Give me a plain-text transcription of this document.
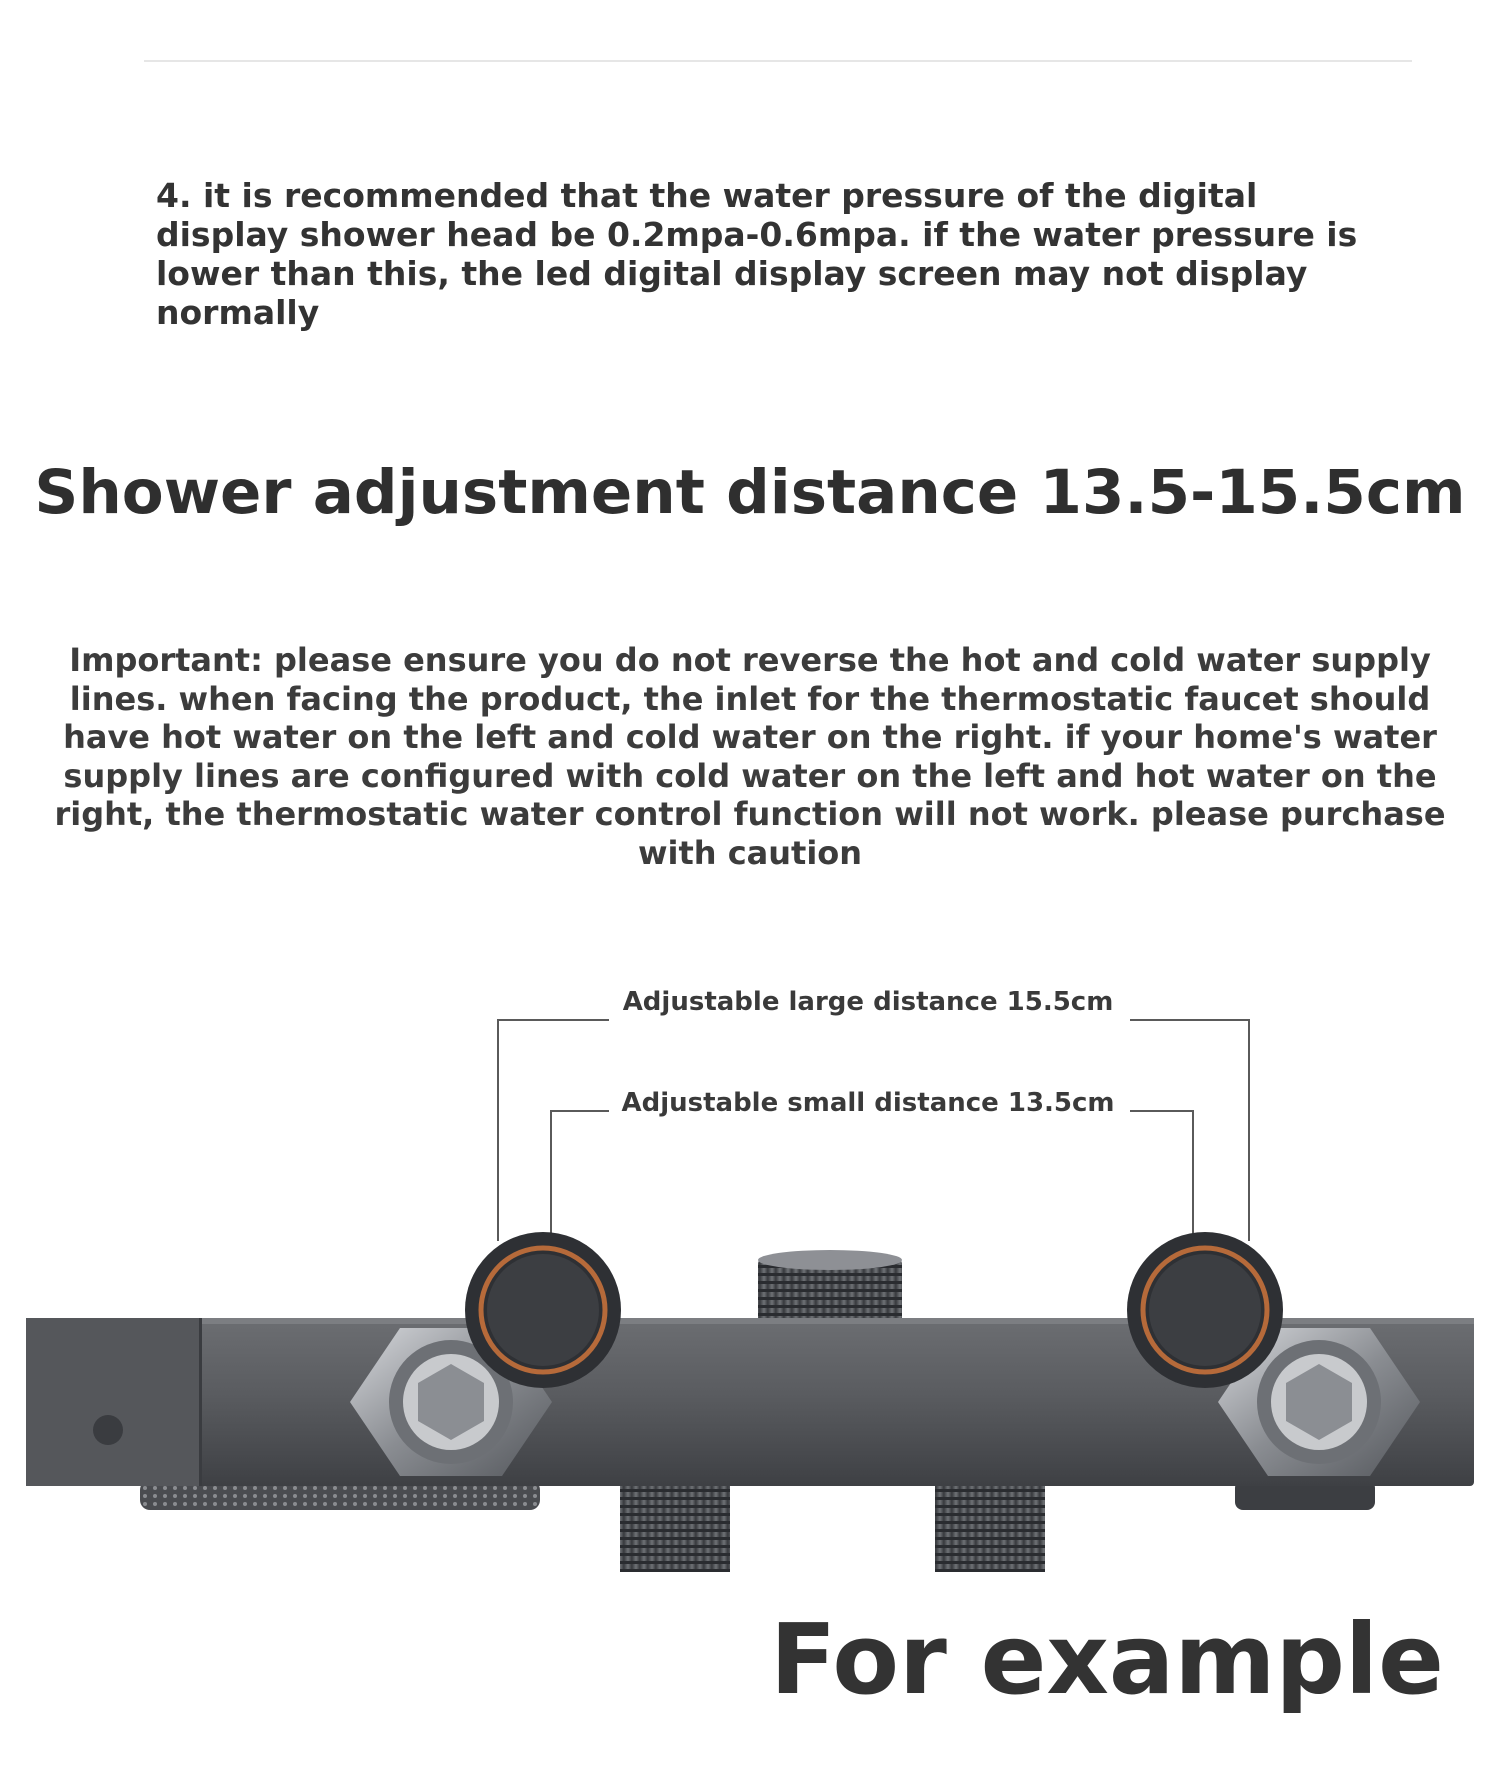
4. it is recommended that the water pressure of the digital display shower head be 0.2mpa-0.6mpa. if the water pressure is lower than this, the led digital display screen may not display normally

Shower adjustment distance 13.5-15.5cm

Important: please ensure you do not reverse the hot and cold water supply lines. when facing the product, the inlet for the thermostatic faucet should have hot water on the left and cold water on the right. if your home's water supply lines are configured with cold water on the left and hot water on the right, the thermostatic water control function will not work. please purchase with caution

Adjustable large distance 15.5cm
Adjustable small distance 13.5cm
For example
